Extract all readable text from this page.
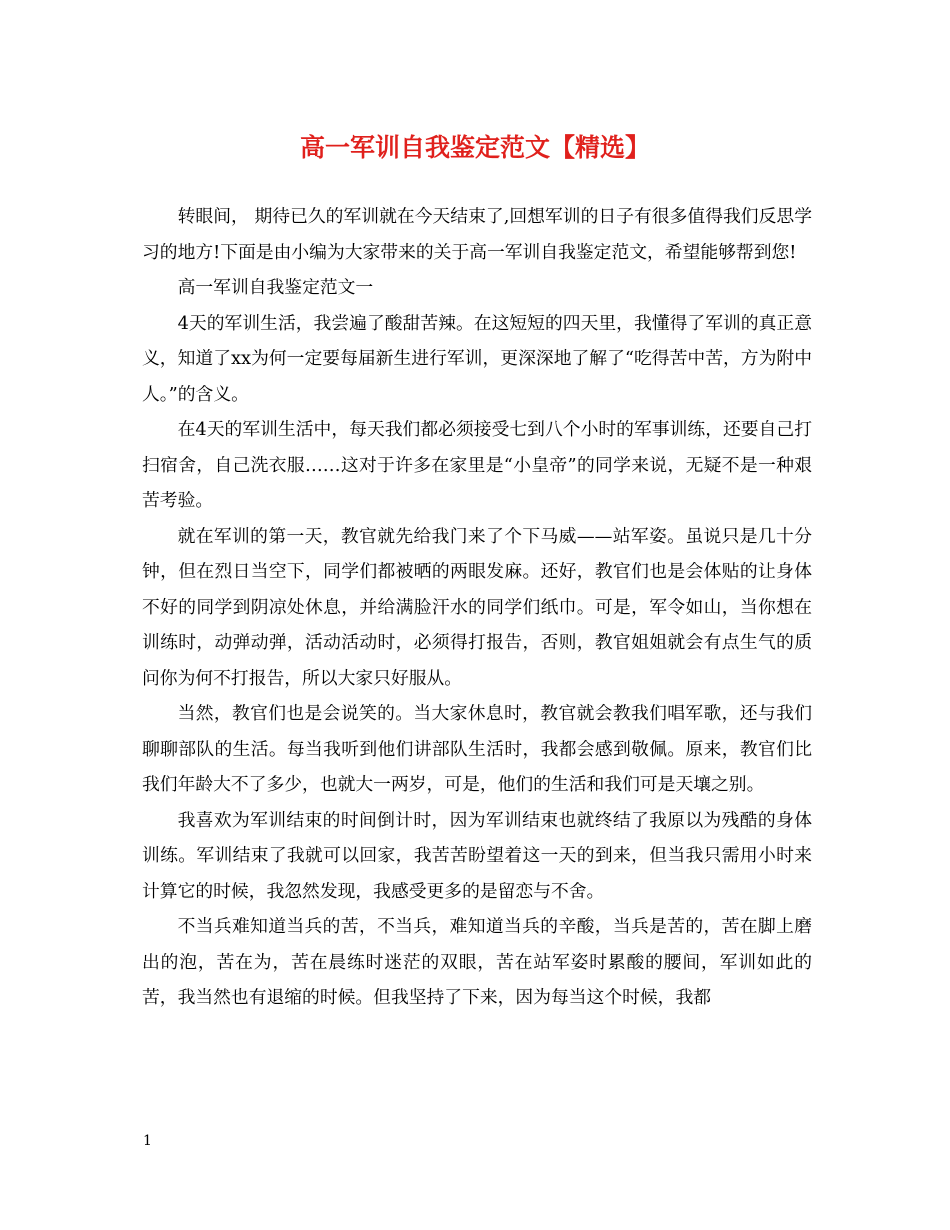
高一军训自我鉴定范文【精选】

转眼间， 期待已久的军训就在今天结束了,回想军训的日子有很多值得我们反思学习的地方!下面是由小编为大家带来的关于高一军训自我鉴定范文，希望能够帮到您!

高一军训自我鉴定范文一

4天的军训生活，我尝遍了酸甜苦辣。在这短短的四天里，我懂得了军训的真正意义，知道了xx为何一定要每届新生进行军训，更深深地了解了“吃得苦中苦，方为附中人。”的含义。

在4天的军训生活中，每天我们都必须接受七到八个小时的军事训练，还要自己打扫宿舍，自己洗衣服……这对于许多在家里是“小皇帝”的同学来说，无疑不是一种艰苦考验。

就在军训的第一天，教官就先给我门来了个下马威——站军姿。虽说只是几十分钟，但在烈日当空下，同学们都被晒的两眼发麻。还好，教官们也是会体贴的让身体不好的同学到阴凉处休息，并给满脸汗水的同学们纸巾。可是，军令如山，当你想在训练时，动弹动弹，活动活动时，必须得打报告，否则，教官姐姐就会有点生气的质问你为何不打报告，所以大家只好服从。

当然，教官们也是会说笑的。当大家休息时，教官就会教我们唱军歌，还与我们聊聊部队的生活。每当我听到他们讲部队生活时，我都会感到敬佩。原来，教官们比我们年龄大不了多少，也就大一两岁，可是，他们的生活和我们可是天壤之别。

我喜欢为军训结束的时间倒计时，因为军训结束也就终结了我原以为残酷的身体训练。军训结束了我就可以回家，我苦苦盼望着这一天的到来，但当我只需用小时来计算它的时候，我忽然发现，我感受更多的是留恋与不舍。

不当兵难知道当兵的苦，不当兵，难知道当兵的辛酸，当兵是苦的，苦在脚上磨出的泡，苦在为，苦在晨练时迷茫的双眼，苦在站军姿时累酸的腰间，军训如此的苦，我当然也有退缩的时候。但我坚持了下来，因为每当这个时候，我都

1
